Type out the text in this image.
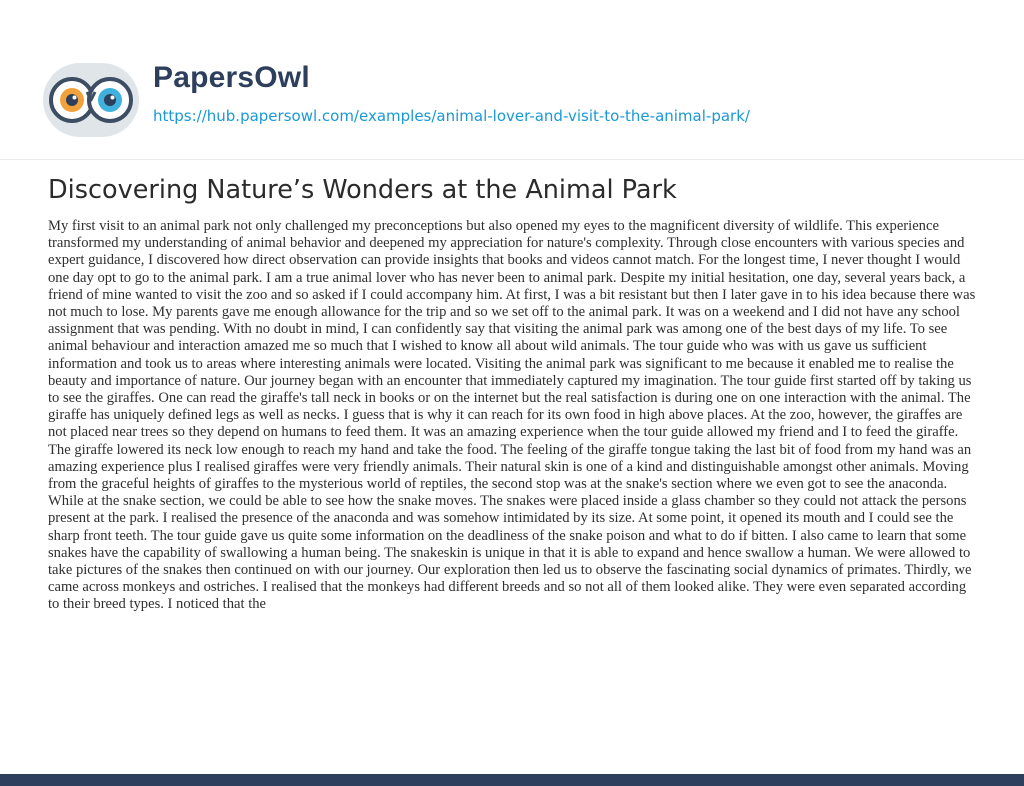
PapersOwl
https://hub.papersowl.com/examples/animal-lover-and-visit-to-the-animal-park/
Discovering Nature’s Wonders at the Animal Park

My first visit to an animal park not only challenged my preconceptions but also opened my eyes to the magnificent diversity of wildlife. This experience transformed my understanding of animal behavior and deepened my appreciation for nature's complexity. Through close encounters with various species and expert guidance, I discovered how direct observation can provide insights that books and videos cannot match. For the longest time, I never thought I would one day opt to go to the animal park. I am a true animal lover who has never been to animal park. Despite my initial hesitation, one day, several years back, a friend of mine wanted to visit the zoo and so asked if I could accompany him. At first, I was a bit resistant but then I later gave in to his idea because there was not much to lose. My parents gave me enough allowance for the trip and so we set off to the animal park. It was on a weekend and I did not have any school assignment that was pending. With no doubt in mind, I can confidently say that visiting the animal park was among one of the best days of my life. To see animal behaviour and interaction amazed me so much that I wished to know all about wild animals. The tour guide who was with us gave us sufficient information and took us to areas where interesting animals were located. Visiting the animal park was significant to me because it enabled me to realise the beauty and importance of nature. Our journey began with an encounter that immediately captured my imagination. The tour guide first started off by taking us to see the giraffes. One can read the giraffe's tall neck in books or on the internet but the real satisfaction is during one on one interaction with the animal. The giraffe has uniquely defined legs as well as necks. I guess that is why it can reach for its own food in high above places. At the zoo, however, the giraffes are not placed near trees so they depend on humans to feed them. It was an amazing experience when the tour guide allowed my friend and I to feed the giraffe. The giraffe lowered its neck low enough to reach my hand and take the food. The feeling of the giraffe tongue taking the last bit of food from my hand was an amazing experience plus I realised giraffes were very friendly animals. Their natural skin is one of a kind and distinguishable amongst other animals. Moving from the graceful heights of giraffes to the mysterious world of reptiles, the second stop was at the snake's section where we even got to see the anaconda. While at the snake section, we could be able to see how the snake moves. The snakes were placed inside a glass chamber so they could not attack the persons present at the park. I realised the presence of the anaconda and was somehow intimidated by its size. At some point, it opened its mouth and I could see the sharp front teeth. The tour guide gave us quite some information on the deadliness of the snake poison and what to do if bitten. I also came to learn that some snakes have the capability of swallowing a human being. The snakeskin is unique in that it is able to expand and hence swallow a human. We were allowed to take pictures of the snakes then continued on with our journey. Our exploration then led us to observe the fascinating social dynamics of primates. Thirdly, we came across monkeys and ostriches. I realised that the monkeys had different breeds and so not all of them looked alike. They were even separated according to their breed types. I noticed that the
